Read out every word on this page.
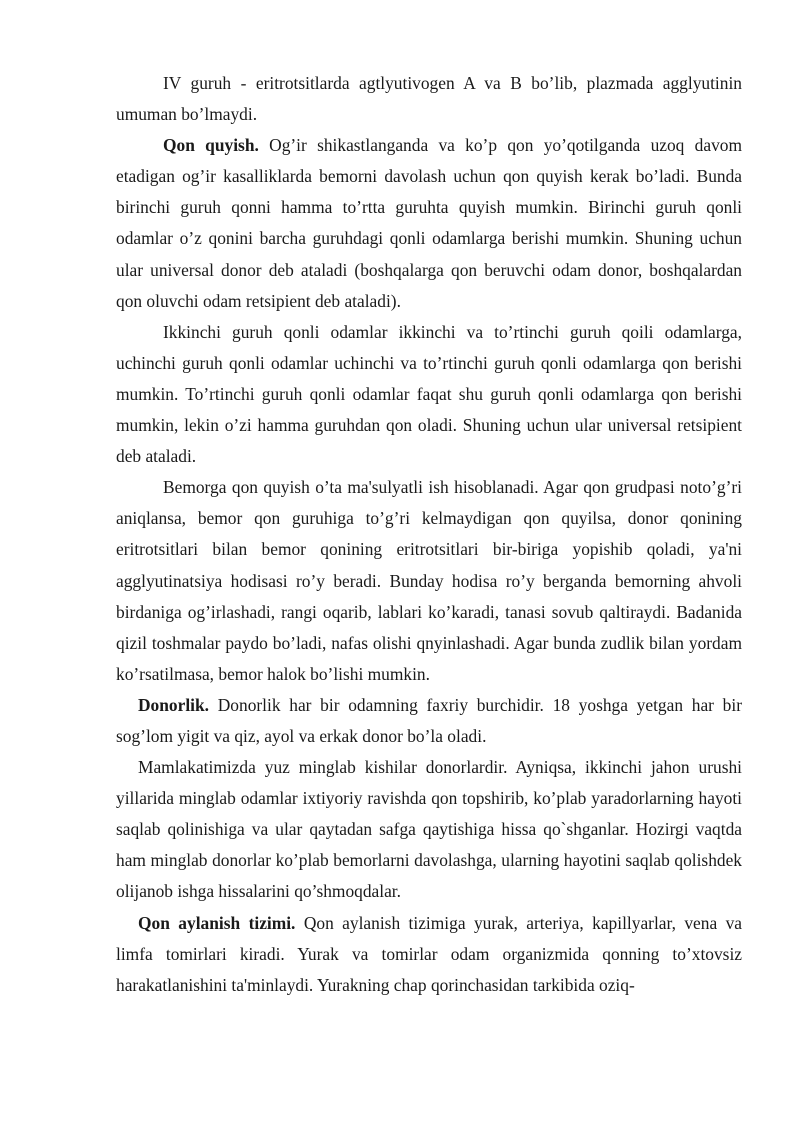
IV guruh - eritrotsitlarda agtlyutivogen A va B bo’lib, plazmada agglyutinin umuman bo’lmaydi.

Qon quyish. Og’ir shikastlanganda va ko’p qon yo’qotilganda uzoq davom etadigan og’ir kasalliklarda bemorni davolash uchun qon quyish kerak bo’ladi. Bunda birinchi guruh qonni hamma to’rtta guruhta quyish mumkin. Birinchi guruh qonli odamlar o’z qonini barcha guruhdagi qonli odamlarga berishi mumkin. Shuning uchun ular universal donor deb ataladi (boshqalarga qon beruvchi odam donor, boshqalardan qon oluvchi odam retsipient deb ataladi).

Ikkinchi guruh qonli odamlar ikkinchi va to’rtinchi guruh qoili odamlarga, uchinchi guruh qonli odamlar uchinchi va to’rtinchi guruh qonli odamlarga qon berishi mumkin. To’rtinchi guruh qonli odamlar faqat shu guruh qonli odamlarga qon berishi mumkin, lekin o’zi hamma guruhdan qon oladi. Shuning uchun ular universal retsipient deb ataladi.

Bemorga qon quyish o’ta ma'sulyatli ish hisoblanadi. Agar qon grudpasi noto’g’ri aniqlansa, bemor qon guruhiga to’g’ri kelmaydigan qon quyilsa, donor qonining eritrotsitlari bilan bemor qonining eritrotsitlari bir-biriga yopishib qoladi, ya'ni agglyutinatsiya hodisasi ro’y beradi. Bunday hodisa ro’y berganda bemorning ahvoli birdaniga og’irlashadi, rangi oqarib, lablari ko’karadi, tanasi sovub qaltiraydi. Badanida qizil toshmalar paydo bo’ladi, nafas olishi qnyinlashadi. Agar bunda zudlik bilan yordam ko’rsatilmasa, bemor halok bo’lishi mumkin.

Donorlik. Donorlik har bir odamning faxriy burchidir. 18 yoshga yetgan har bir sog’lom yigit va qiz, ayol va erkak donor bo’la oladi.

Mamlakatimizda yuz minglab kishilar donorlardir. Ayniqsa, ikkinchi jahon urushi yillarida minglab odamlar ixtiyoriy ravishda qon topshirib, ko’plab yaradorlarning hayoti saqlab qolinishiga va ular qaytadan safga qaytishiga hissa qo`shganlar. Hozirgi vaqtda ham minglab donorlar ko’plab bemorlarni davolashga, ularning hayotini saqlab qolishdek olijanob ishga hissalarini qo’shmoqdalar.

Qon aylanish tizimi. Qon aylanish tizimiga yurak, arteriya, kapillyarlar, vena va limfa tomirlari kiradi. Yurak va tomirlar odam organizmida qonning to’xtovsiz harakatlanishini ta'minlaydi. Yurakning chap qorinchasidan tarkibida oziq-
